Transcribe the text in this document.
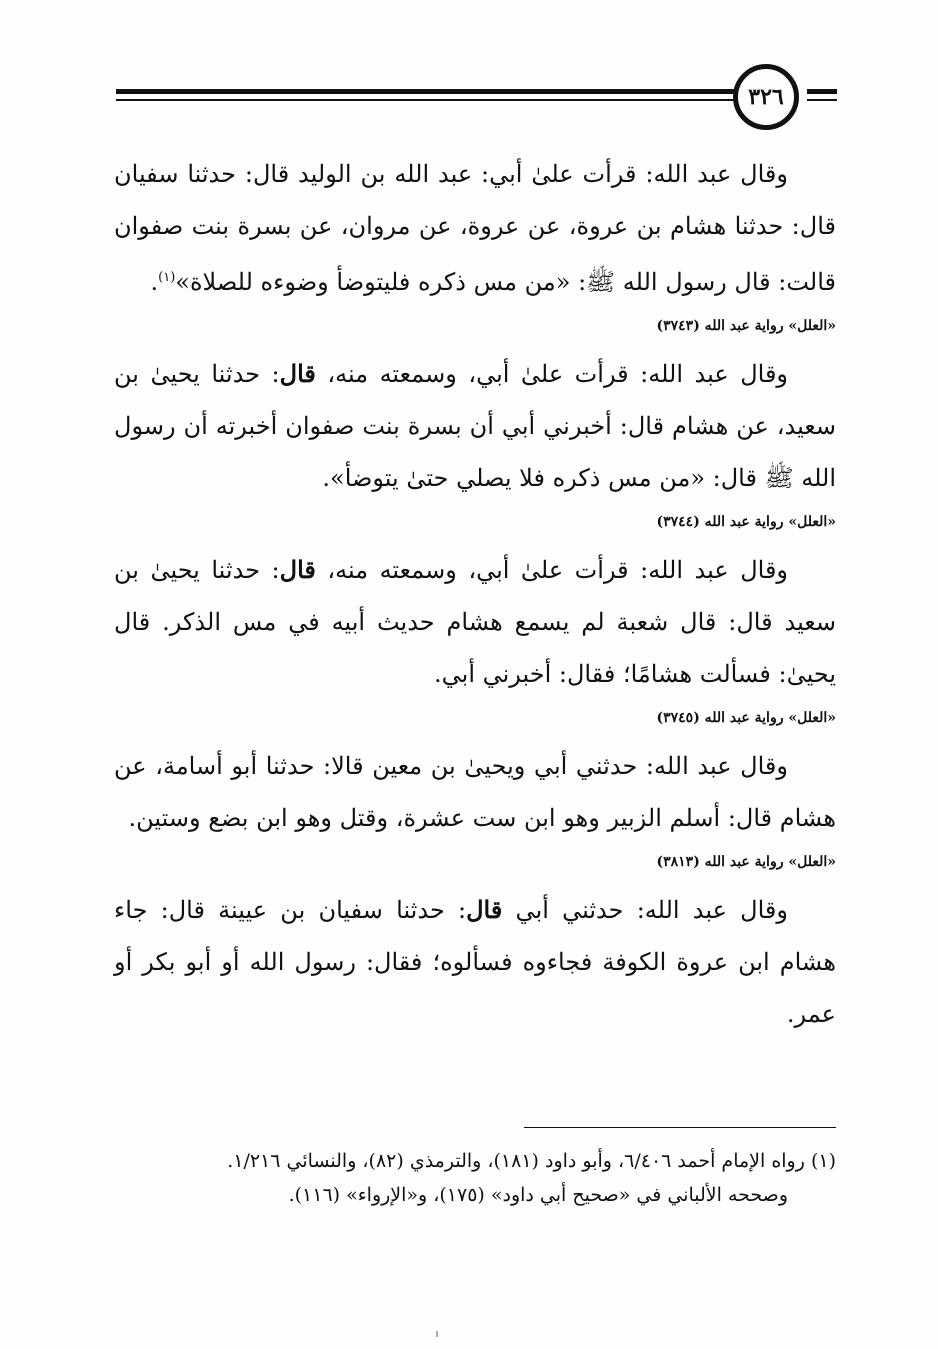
٣٢٦

وقال عبد الله: قرأت علىٰ أبي: عبد الله بن الوليد قال: حدثنا سفيان قال: حدثنا هشام بن عروة، عن عروة، عن مروان، عن بسرة بنت صفوان قالت: قال رسول الله ﷺ: «من مس ذكره فليتوضأ وضوءه للصلاة»$^{(١)}$.

«العلل» رواية عبد الله (٣٧٤٣)

وقال عبد الله: قرأت علىٰ أبي، وسمعته منه، قال: حدثنا يحيىٰ بن سعيد، عن هشام قال: أخبرني أبي أن بسرة بنت صفوان أخبرته أن رسول الله ﷺ قال: «من مس ذكره فلا يصلي حتىٰ يتوضأ».

«العلل» رواية عبد الله (٣٧٤٤)

وقال عبد الله: قرأت علىٰ أبي، وسمعته منه، قال: حدثنا يحيىٰ بن سعيد قال: قال شعبة لم يسمع هشام حديث أبيه في مس الذكر. قال يحيىٰ: فسألت هشامًا؛ فقال: أخبرني أبي.

«العلل» رواية عبد الله (٣٧٤٥)

وقال عبد الله: حدثني أبي ويحيىٰ بن معين قالا: حدثنا أبو أسامة، عن هشام قال: أسلم الزبير وهو ابن ست عشرة، وقتل وهو ابن بضع وستين.

«العلل» رواية عبد الله (٣٨١٣)

وقال عبد الله: حدثني أبي قال: حدثنا سفيان بن عيينة قال: جاء هشام ابن عروة الكوفة فجاءوه فسألوه؛ فقال: رسول الله أو أبو بكر أو عمر.

(١) رواه الإمام أحمد ٦/٤٠٦، وأبو داود (١٨١)، والترمذي (٨٢)، والنسائي ١/٢١٦.

وصححه الألباني في «صحيح أبي داود» (١٧٥)، و«الإرواء» (١١٦).
